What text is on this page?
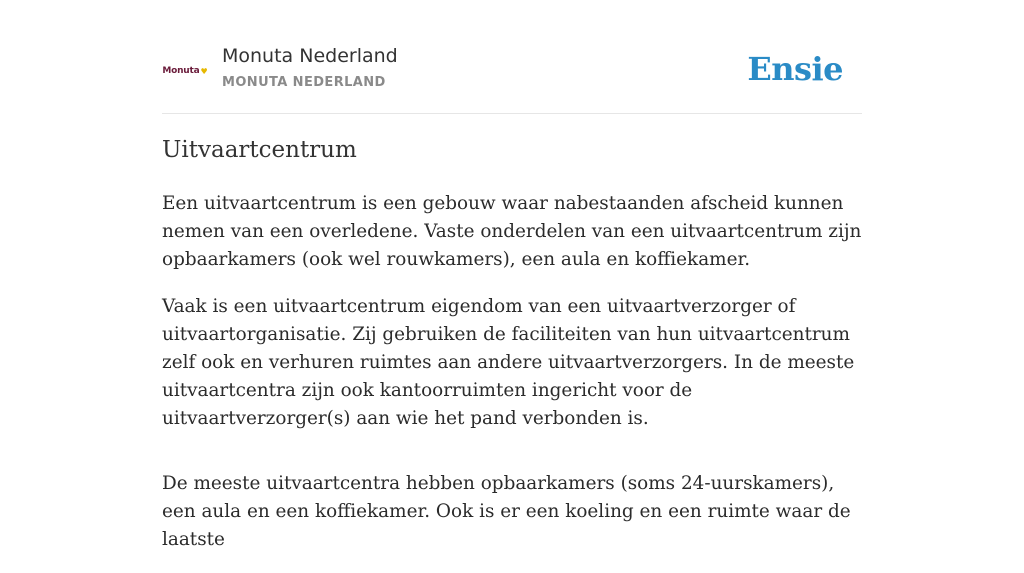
Monuta ♥
Monuta Nederland
MONUTA NEDERLAND	Ensie
Uitvaartcentrum

Een uitvaartcentrum is een gebouw waar nabestaanden afscheid kunnen nemen van een overledene. Vaste onderdelen van een uitvaartcentrum zijn opbaarkamers (ook wel rouwkamers), een aula en koffiekamer.

Vaak is een uitvaartcentrum eigendom van een uitvaartverzorger of uitvaartorganisatie. Zij gebruiken de faciliteiten van hun uitvaartcentrum zelf ook en verhuren ruimtes aan andere uitvaartverzorgers. In de meeste uitvaartcentra zijn ook kantoorruimten ingericht voor de uitvaartverzorger(s) aan wie het pand verbonden is.

De meeste uitvaartcentra hebben opbaarkamers (soms 24-uurskamers), een aula en een koffiekamer. Ook is er een koeling en een ruimte waar de laatste
